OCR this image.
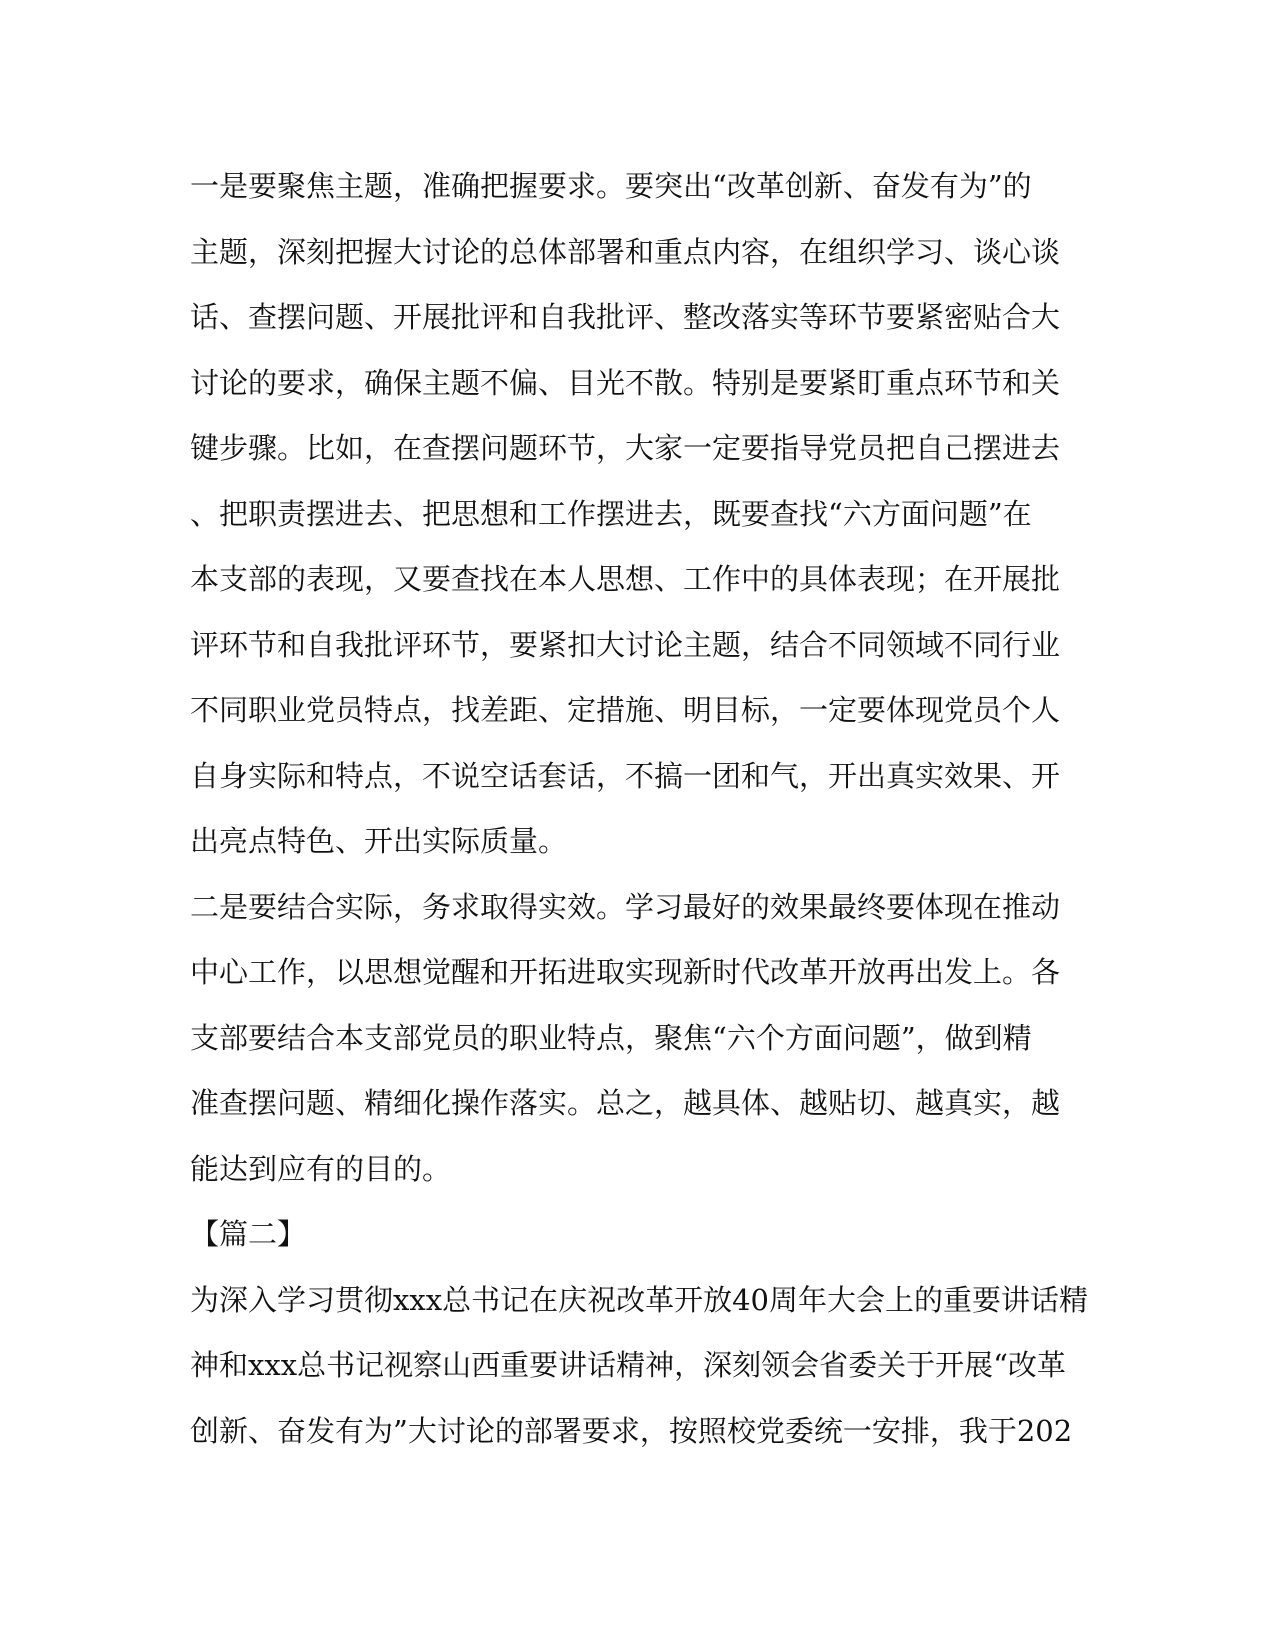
一是要聚焦主题，准确把握要求。要突出“改革创新、奋发有为”的
主题，深刻把握大讨论的总体部署和重点内容，在组织学习、谈心谈
话、查摆问题、开展批评和自我批评、整改落实等环节要紧密贴合大
讨论的要求，确保主题不偏、目光不散。特别是要紧盯重点环节和关
键步骤。比如，在查摆问题环节，大家一定要指导党员把自己摆进去
、把职责摆进去、把思想和工作摆进去，既要查找“六方面问题”在
本支部的表现，又要查找在本人思想、工作中的具体表现；在开展批
评环节和自我批评环节，要紧扣大讨论主题，结合不同领域不同行业
不同职业党员特点，找差距、定措施、明目标，一定要体现党员个人
自身实际和特点，不说空话套话，不搞一团和气，开出真实效果、开
出亮点特色、开出实际质量。
二是要结合实际，务求取得实效。学习最好的效果最终要体现在推动
中心工作，以思想觉醒和开拓进取实现新时代改革开放再出发上。各
支部要结合本支部党员的职业特点，聚焦“六个方面问题”，做到精
准查摆问题、精细化操作落实。总之，越具体、越贴切、越真实，越
能达到应有的目的。
【篇二】
为深入学习贯彻xxx总书记在庆祝改革开放40周年大会上的重要讲话精
神和xxx总书记视察山西重要讲话精神，深刻领会省委关于开展“改革
创新、奋发有为”大讨论的部署要求，按照校党委统一安排，我于202
